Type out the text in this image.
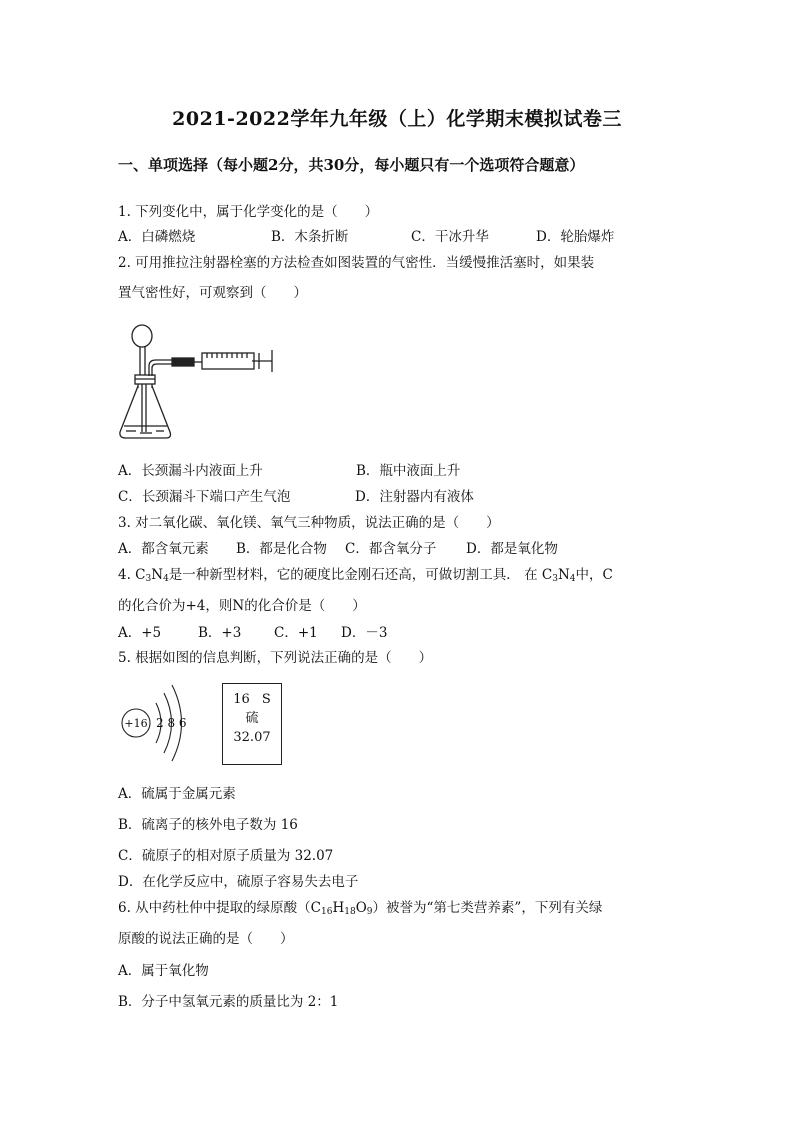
2021-2022学年九年级（上）化学期末模拟试卷三
一、单项选择（每小题2分，共30分，每小题只有一个选项符合题意）
1. 下列变化中，属于化学变化的是（　　）
A．白磷燃烧	B．木条折断	C．干冰升华	D．轮胎爆炸
2. 可用推拉注射器栓塞的方法检查如图装置的气密性．当缓慢推活塞时，如果装
置气密性好，可观察到（　　）
A．长颈漏斗内液面上升	B．瓶中液面上升
C．长颈漏斗下端口产生气泡	D．注射器内有液体
3. 对二氧化碳、氧化镁、氧气三种物质，说法正确的是（　　）
A．都含氧元素 B．都是化合物 C．都含氧分子 D．都是氧化物
4. $C_3N_4$是一种新型材料，它的硬度比金刚石还高，可做切割工具． 在 $C_3N_4$中，C
的化合价为+4，则N的化合价是（　　）
A．+5	B．+3 C．+1 D．－3
5. 根据如图的信息判断，下列说法正确的是（　　）
+16 2 8 6
16 S
硫
32.07
A．硫属于金属元素
B．硫离子的核外电子数为 16
C．硫原子的相对原子质量为 32.07
D．在化学反应中，硫原子容易失去电子
6. 从中药杜仲中提取的绿原酸$(C_{16}H_{18}O_9)$被誉为“第七类营养素”，下列有关绿
原酸的说法正确的是（　　）
A．属于氧化物
B．分子中氢氧元素的质量比为 2：1
